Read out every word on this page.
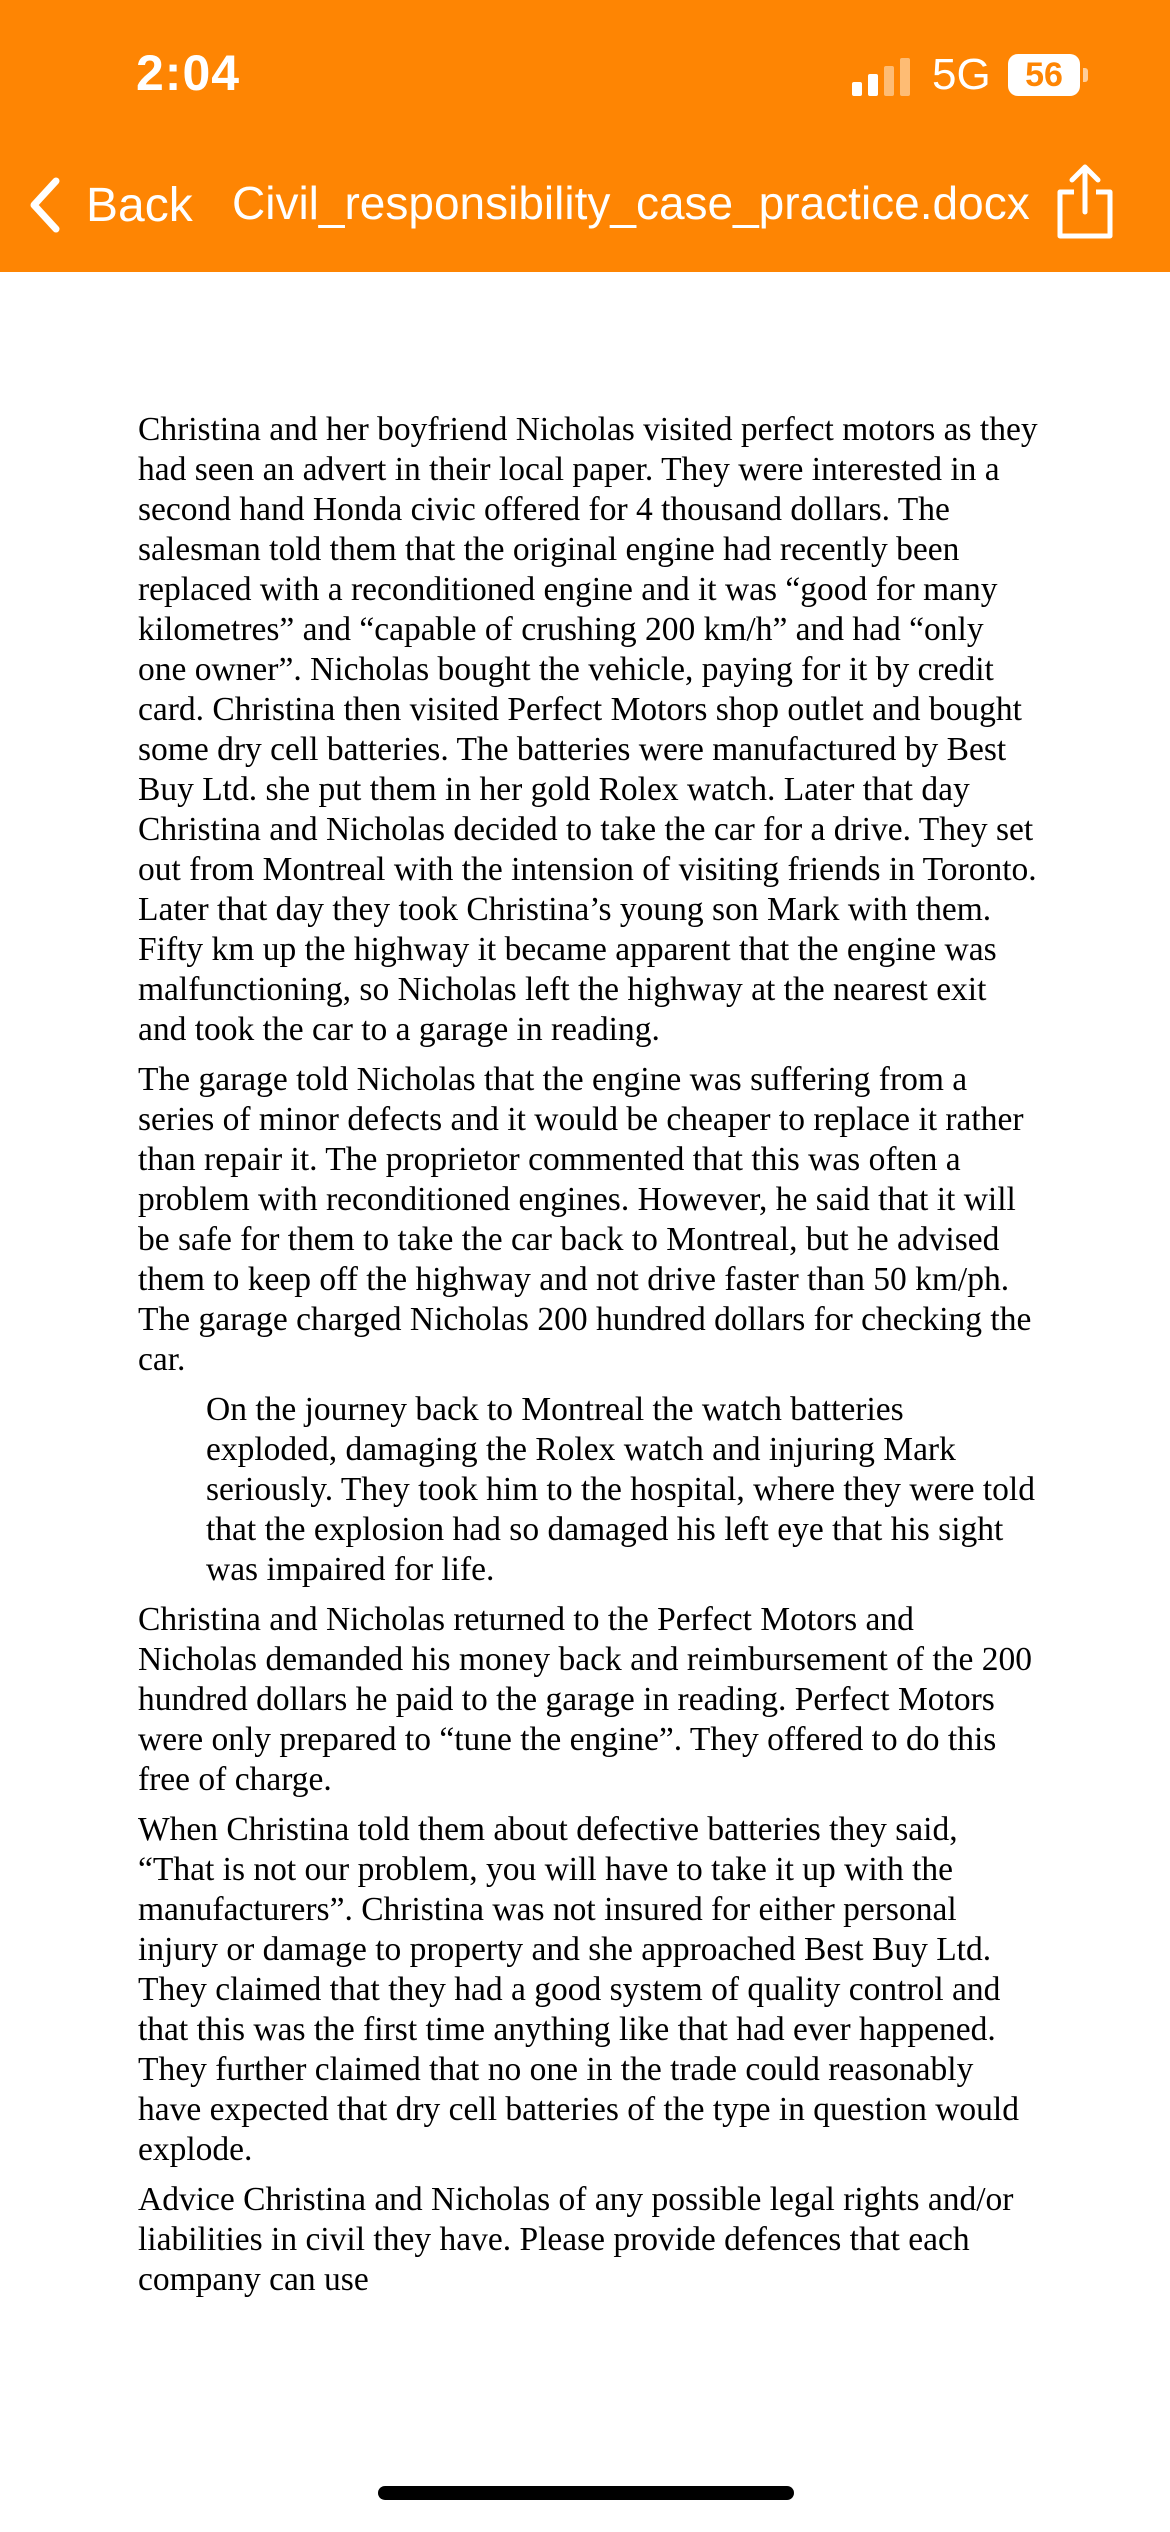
2:04	5G	56
Back Civil_responsibility_case_practice.docx

Christina and her boyfriend Nicholas visited perfect motors as they had seen an advert in their local paper. They were interested in a second hand Honda civic offered for 4 thousand dollars. The salesman told them that the original engine had recently been replaced with a reconditioned engine and it was “good for many kilometres” and “capable of crushing 200 km/h” and had “only one owner”. Nicholas bought the vehicle, paying for it by credit card. Christina then visited Perfect Motors shop outlet and bought some dry cell batteries. The batteries were manufactured by Best Buy Ltd. she put them in her gold Rolex watch. Later that day Christina and Nicholas decided to take the car for a drive. They set out from Montreal with the intension of visiting friends in Toronto. Later that day they took Christina’s young son Mark with them. Fifty km up the highway it became apparent that the engine was malfunctioning, so Nicholas left the highway at the nearest exit and took the car to a garage in reading.

The garage told Nicholas that the engine was suffering from a series of minor defects and it would be cheaper to replace it rather than repair it. The proprietor commented that this was often a problem with reconditioned engines. However, he said that it will be safe for them to take the car back to Montreal, but he advised them to keep off the highway and not drive faster than 50 km/ph. The garage charged Nicholas 200 hundred dollars for checking the car.

On the journey back to Montreal the watch batteries exploded, damaging the Rolex watch and injuring Mark seriously. They took him to the hospital, where they were told that the explosion had so damaged his left eye that his sight was impaired for life.

Christina and Nicholas returned to the Perfect Motors and Nicholas demanded his money back and reimbursement of the 200 hundred dollars he paid to the garage in reading. Perfect Motors were only prepared to “tune the engine”. They offered to do this free of charge.

When Christina told them about defective batteries they said, “That is not our problem, you will have to take it up with the manufacturers”. Christina was not insured for either personal injury or damage to property and she approached Best Buy Ltd. They claimed that they had a good system of quality control and that this was the first time anything like that had ever happened. They further claimed that no one in the trade could reasonably have expected that dry cell batteries of the type in question would explode.

Advice Christina and Nicholas of any possible legal rights and/or liabilities in civil they have. Please provide defences that each company can use
